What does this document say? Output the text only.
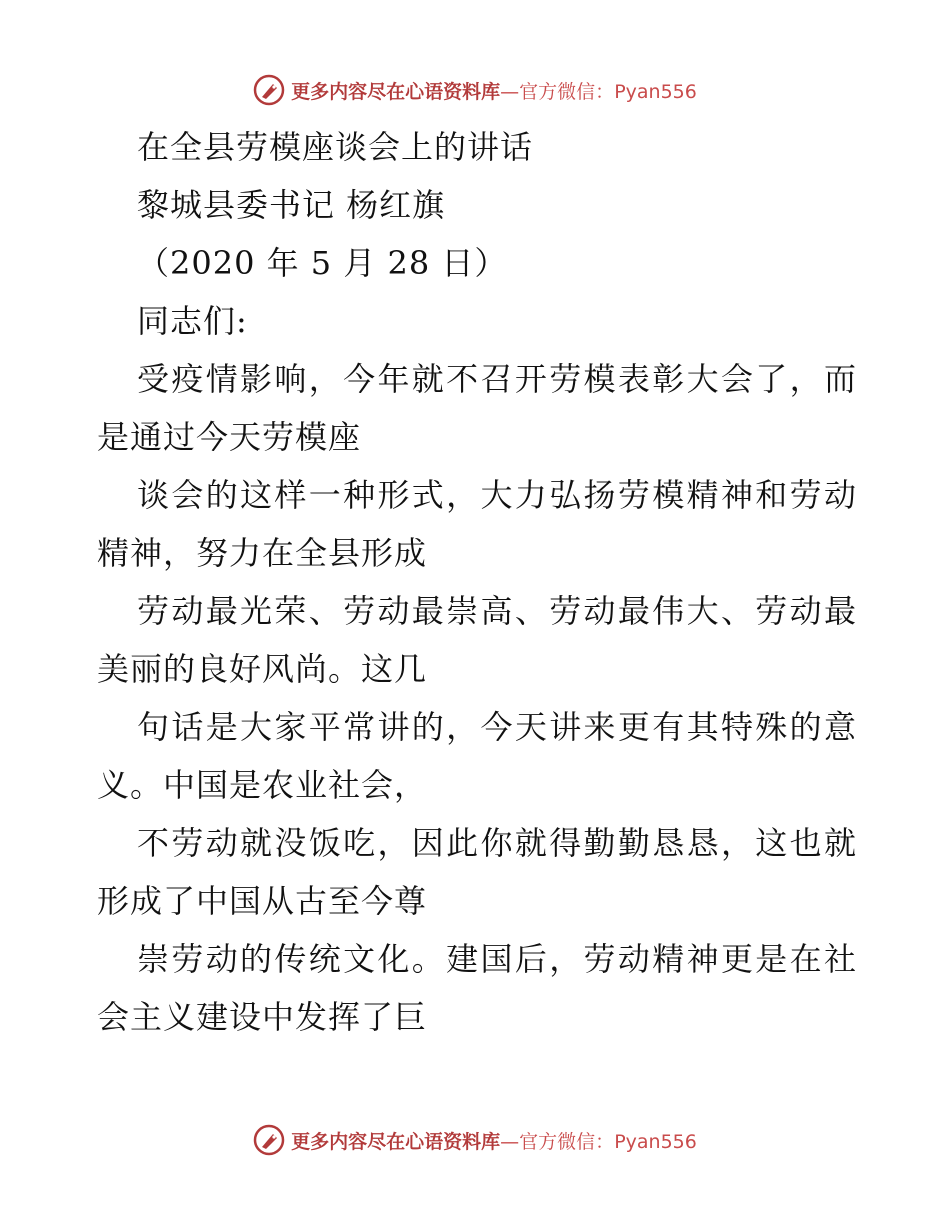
更多内容尽在心语资料库—官方微信：Pyan556
在全县劳模座谈会上的讲话
黎城县委书记 杨红旗
（2020 年 5 月 28 日）
同志们:
受疫情影响，今年就不召开劳模表彰大会了，而
是通过今天劳模座
谈会的这样一种形式，大力弘扬劳模精神和劳动
精神，努力在全县形成
劳动最光荣、劳动最崇高、劳动最伟大、劳动最
美丽的良好风尚。这几
句话是大家平常讲的，今天讲来更有其特殊的意
义。中国是农业社会，
不劳动就没饭吃，因此你就得勤勤恳恳，这也就
形成了中国从古至今尊
崇劳动的传统文化。建国后，劳动精神更是在社
会主义建设中发挥了巨
更多内容尽在心语资料库—官方微信：Pyan556
